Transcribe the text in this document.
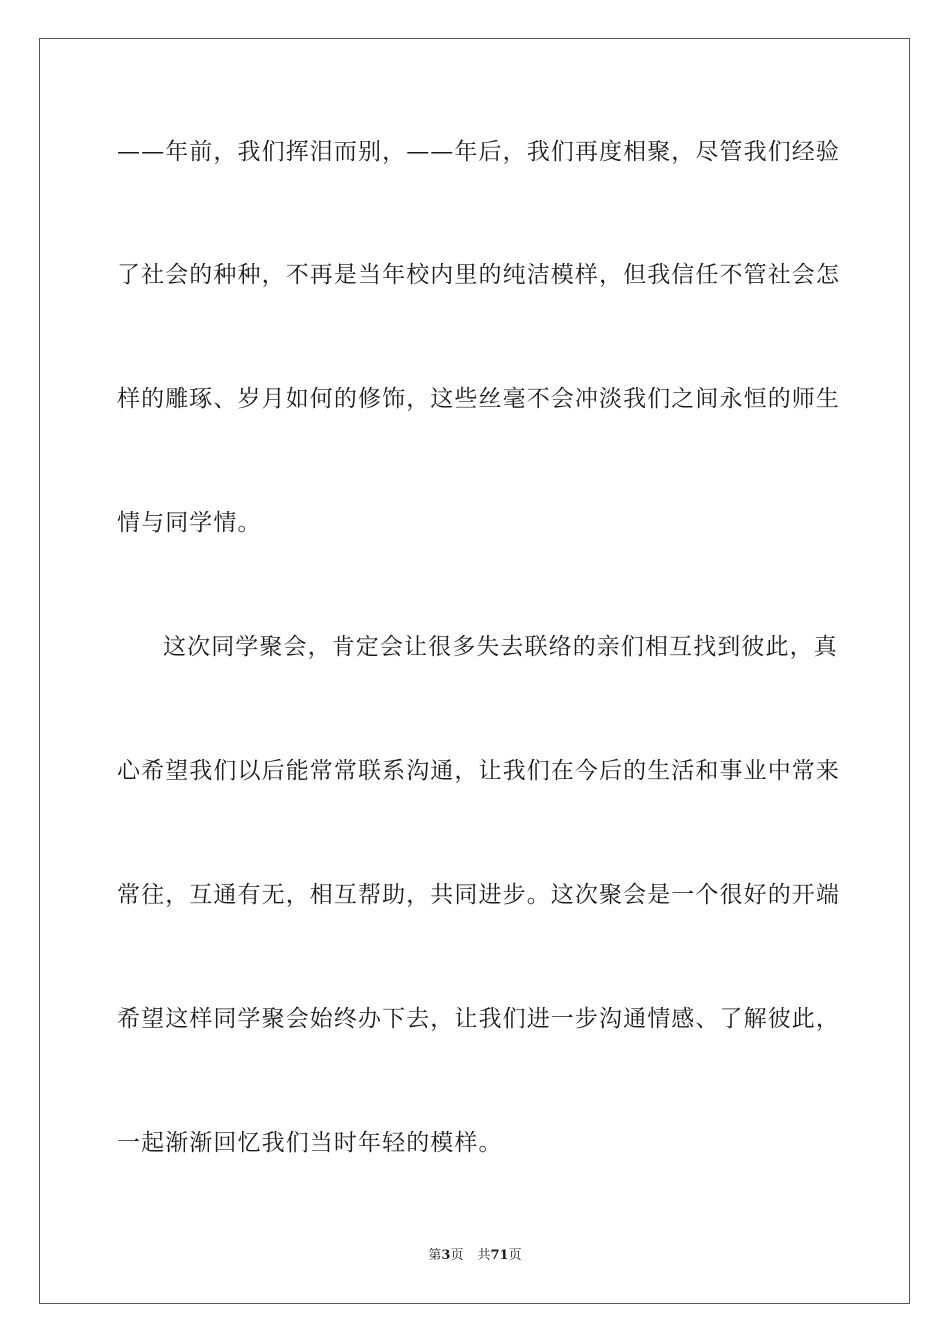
——年前，我们挥泪而别，——年后，我们再度相聚，尽管我们经验
了社会的种种，不再是当年校内里的纯洁模样，但我信任不管社会怎
样的雕琢、岁月如何的修饰，这些丝毫不会冲淡我们之间永恒的师生
情与同学情。
这次同学聚会，肯定会让很多失去联络的亲们相互找到彼此，真
心希望我们以后能常常联系沟通，让我们在今后的生活和事业中常来
常往，互通有无，相互帮助，共同进步。这次聚会是一个很好的开端
希望这样同学聚会始终办下去，让我们进一步沟通情感、了解彼此，
一起渐渐回忆我们当时年轻的模样。
第3页 共71页
